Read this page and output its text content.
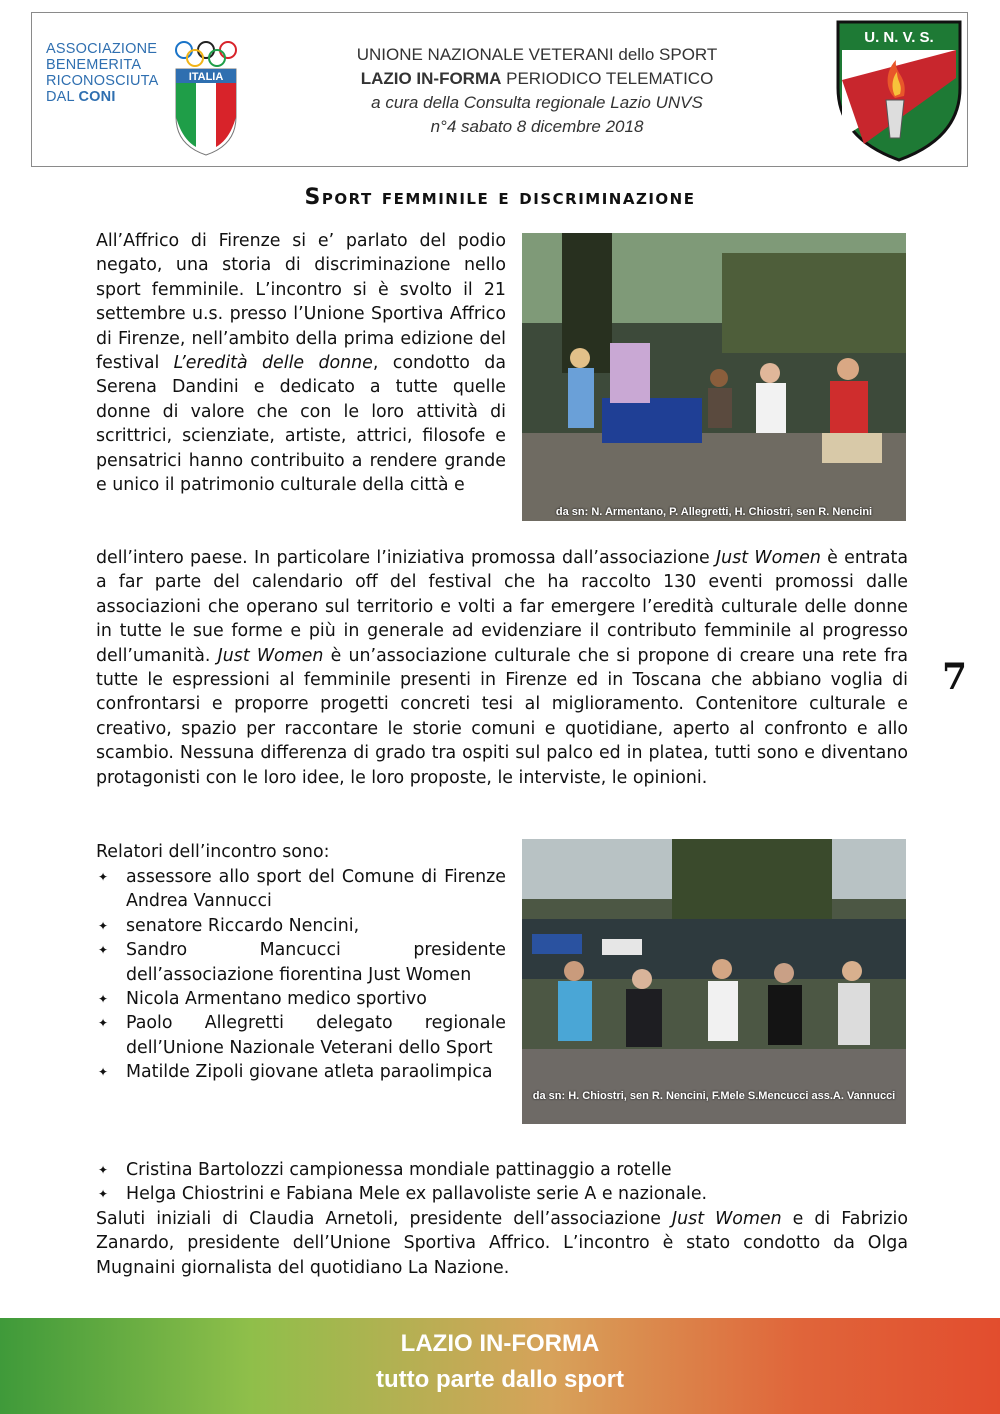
ASSOCIAZIONE
BENEMERITA
RICONOSCIUTA
DAL CONI
ITALIA
UNIONE NAZIONALE VETERANI dello SPORT
LAZIO IN-FORMA PERIODICO TELEMATICO
a cura della Consulta regionale Lazio UNVS
n°4 sabato 8 dicembre 2018
U. N. V. S.
Sport femminile e discriminazione
All’Affrico di Firenze si e’ parlato del podio negato, una storia di discriminazione nello sport femminile. L’incontro si è svolto il 21 settembre u.s. presso l’Unione Sportiva Affrico di Firenze, nell’ambito della prima edizione del festival L’eredità delle donne, condotto da Serena Dandini e dedicato a tutte quelle donne di valore che con le loro attività di scrittrici, scienziate, artiste, attrici, filosofe e pensatrici hanno contribuito a rendere grande e unico il patrimonio culturale della città e
da sn: N. Armentano, P. Allegretti, H. Chiostri, sen R. Nencini
dell’intero paese. In particolare l’iniziativa promossa dall’associazione Just Women è entrata a far parte del calendario off del festival che ha raccolto 130 eventi promossi dalle associazioni che operano sul territorio e volti a far emergere l’eredità culturale delle donne in tutte le sue forme e più in generale ad evidenziare il contributo femminile al progresso dell’umanità. Just Women è un’associazione culturale che si propone di creare una rete fra tutte le espressioni al femminile presenti in Firenze ed in Toscana che abbiano voglia di confrontarsi e proporre progetti concreti tesi al miglioramento. Contenitore culturale e creativo, spazio per raccontare le storie comuni e quotidiane, aperto al confronto e allo scambio. Nessuna differenza di grado tra ospiti sul palco ed in platea, tutti sono e diventano protagonisti con le loro idee, le loro proposte, le interviste, le opinioni.
Relatori dell’incontro sono:
✦ assessore allo sport del Comune di Firenze Andrea Vannucci
✦ senatore Riccardo Nencini,
✦ Sandro Mancucci presidente dell’associazione fiorentina Just Women
✦ Nicola Armentano medico sportivo
✦ Paolo Allegretti delegato regionale dell’Unione Nazionale Veterani dello Sport
✦ Matilde Zipoli giovane atleta paraolimpica
da sn: H. Chiostri, sen R. Nencini, F.Mele S.Mencucci ass.A. Vannucci
✦ Cristina Bartolozzi campionessa mondiale pattinaggio a rotelle
✦ Helga Chiostrini e Fabiana Mele ex pallavoliste serie A e nazionale.
Saluti iniziali di Claudia Arnetoli, presidente dell’associazione Just Women e di Fabrizio Zanardo, presidente dell’Unione Sportiva Affrico. L’incontro è stato condotto da Olga Mugnaini giornalista del quotidiano La Nazione.
7
LAZIO IN-FORMA
tutto parte dallo sport
